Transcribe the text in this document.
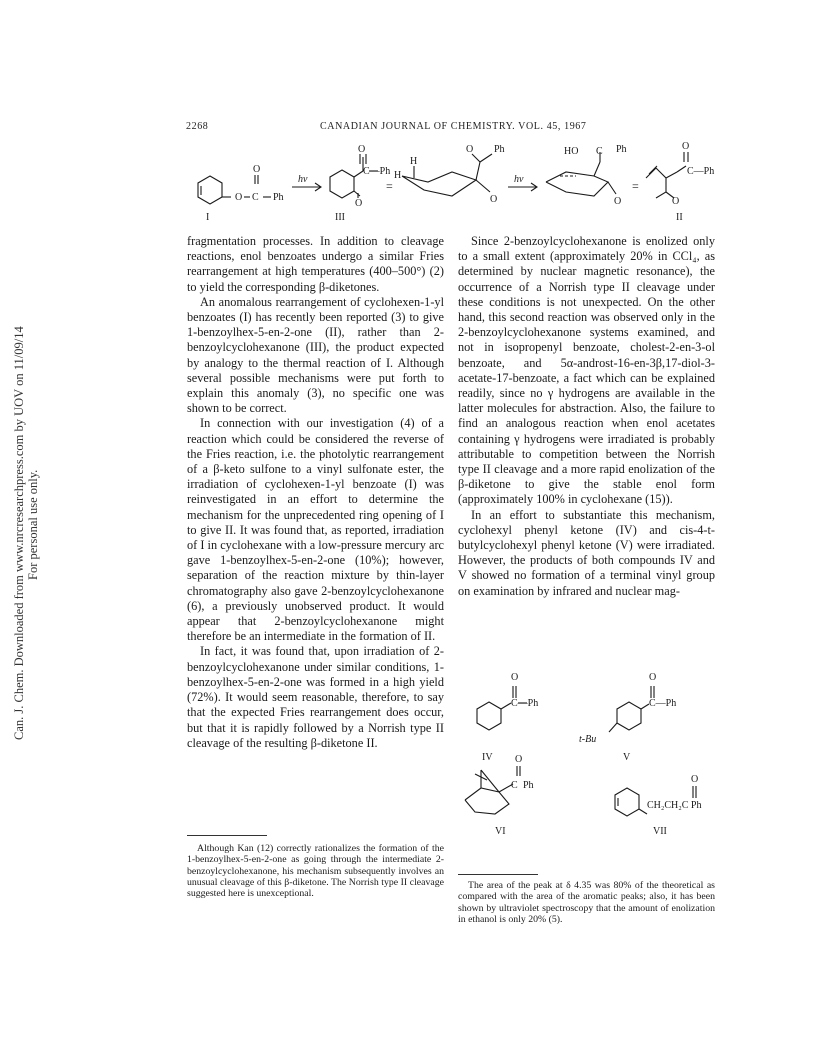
Can. J. Chem. Downloaded from www.nrcresearchpress.com by UOV on 11/09/14 For personal use only.
2268	CANADIAN JOURNAL OF CHEMISTRY. VOL. 45, 1967
O
O
C Ph
I
hν
O
C—Ph
O
III
=
H
H
O Ph
O
hν
HO C Ph
O
=
O
C—Ph
O
II

fragmentation processes. In addition to cleavage reactions, enol benzoates undergo a similar Fries rearrangement at high temperatures (400–500°) (2) to yield the corresponding β-diketones.

An anomalous rearrangement of cyclohexen-1-yl benzoates (I) has recently been reported (3) to give 1-benzoylhex-5-en-2-one (II), rather than 2-benzoylcyclohexanone (III), the product expected by analogy to the thermal reaction of I. Although several possible mechanisms were put forth to explain this anomaly (3), no specific one was shown to be correct.

In connection with our investigation (4) of a reaction which could be considered the reverse of the Fries reaction, i.e. the photolytic rearrangement of a β-keto sulfone to a vinyl sulfonate ester, the irradiation of cyclohexen-1-yl benzoate (I) was reinvestigated in an effort to determine the mechanism for the unprecedented ring opening of I to give II. It was found that, as reported, irradiation of I in cyclohexane with a low-pressure mercury arc gave 1-benzoylhex-5-en-2-one (10%); however, separation of the reaction mixture by thin-layer chromatography also gave 2-benzoylcyclohexanone (6), a previously unobserved product. It would appear that 2-benzoylcyclohexanone might therefore be an intermediate in the formation of II.

In fact, it was found that, upon irradiation of 2-benzoylcyclohexanone under similar conditions, 1-benzoylhex-5-en-2-one was formed in a high yield (72%). It would seem reasonable, therefore, to say that the expected Fries rearrangement does occur, but that it is rapidly followed by a Norrish type II cleavage of the resulting β-diketone II.

Since 2-benzoylcyclohexanone is enolized only to a small extent (approximately 20% in CCl₄, as determined by nuclear magnetic resonance), the occurrence of a Norrish type II cleavage under these conditions is not unexpected. On the other hand, this second reaction was observed only in the 2-benzoylcyclohexanone systems examined, and not in isopropenyl benzoate, cholest-2-en-3-ol benzoate, and 5α-androst-16-en-3β,17-diol-3-acetate-17-benzoate, a fact which can be explained readily, since no γ hydrogens are available in the latter molecules for abstraction. Also, the failure to find an analogous reaction when enol acetates containing γ hydrogens were irradiated is probably attributable to competition between the Norrish type II cleavage and a more rapid enolization of the β-diketone to give the stable enol form (approximately 100% in cyclohexane (15)).

In an effort to substantiate this mechanism, cyclohexyl phenyl ketone (IV) and cis-4-t-butylcyclohexyl phenyl ketone (V) were irradiated. However, the products of both compounds IV and V showed no formation of a terminal vinyl group on examination by infrared and nuclear mag-

O
C—Ph
IV
O
C—Ph
t-Bu
V
O
C Ph
VI
O
CH₂CH₂C Ph
VII

Although Kan (12) correctly rationalizes the formation of the 1-benzoylhex-5-en-2-one as going through the intermediate 2-benzoylcyclohexanone, his mechanism subsequently involves an unusual cleavage of this β-diketone. The Norrish type II cleavage suggested here is unexceptional.

The area of the peak at δ 4.35 was 80% of the theoretical as compared with the area of the aromatic peaks; also, it has been shown by ultraviolet spectroscopy that the amount of enolization in ethanol is only 20% (5).
